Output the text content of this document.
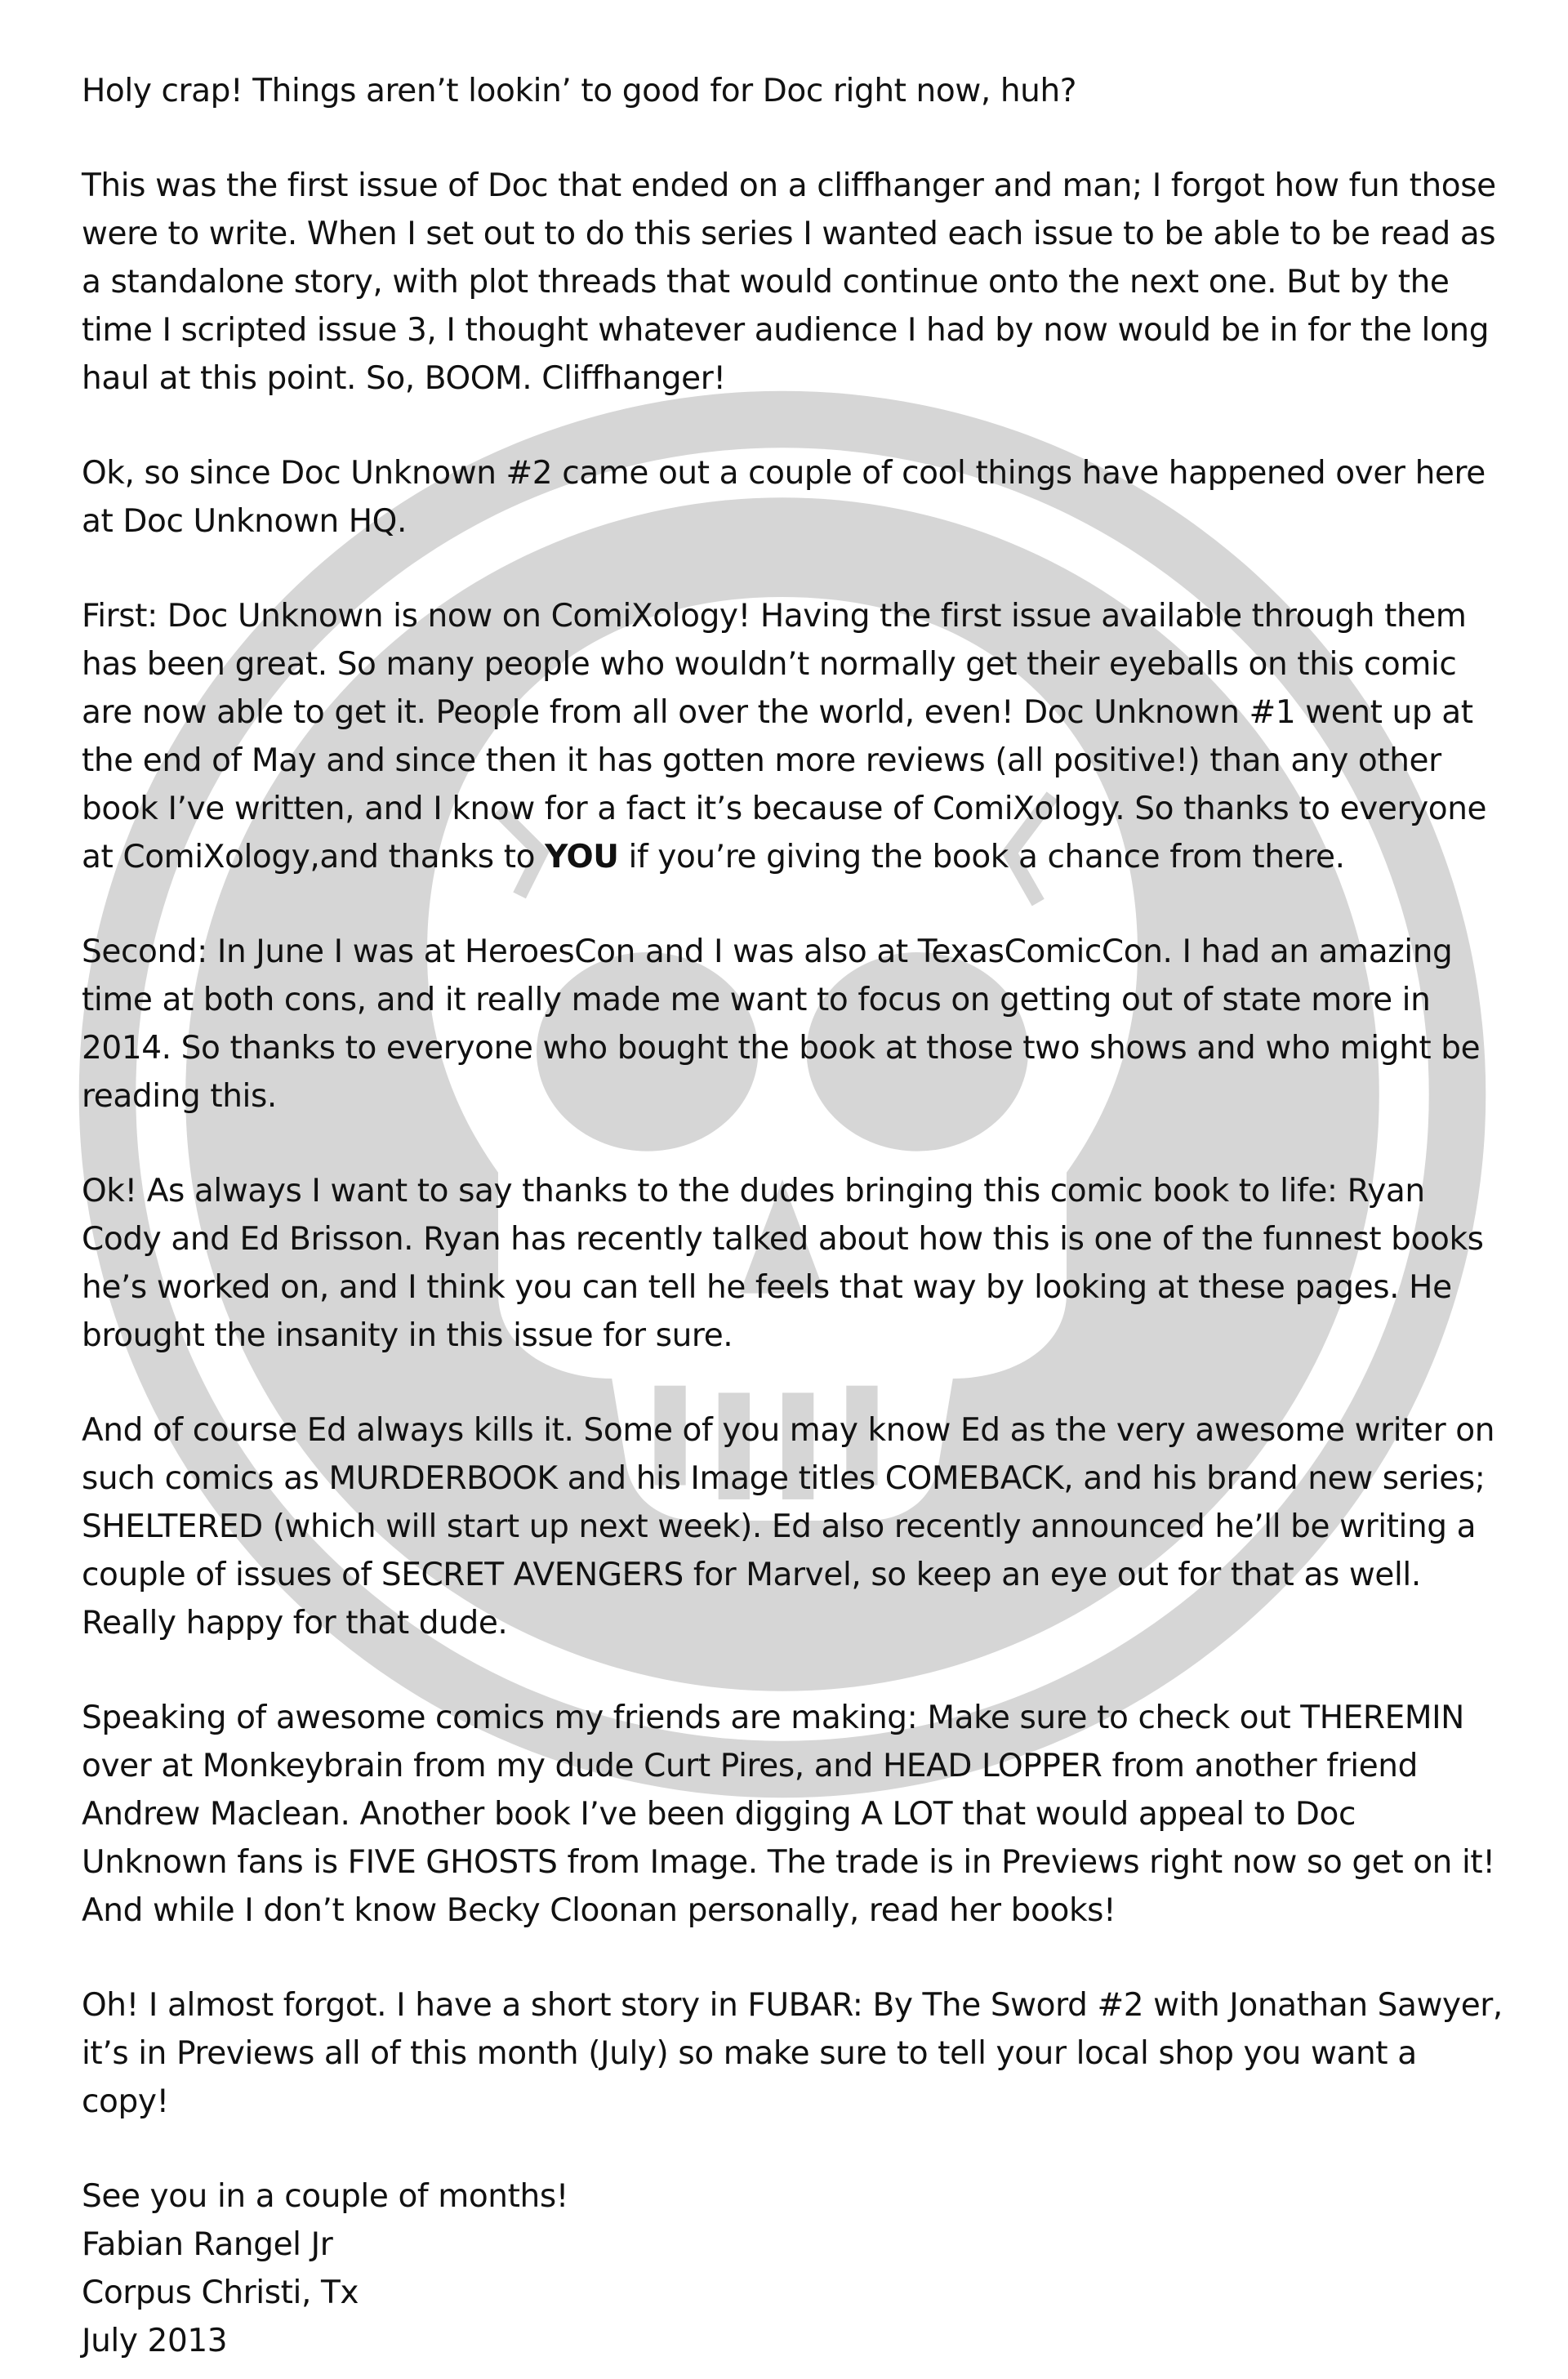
Holy crap! Things aren’t lookin’ to good for Doc right now, huh?

This was the first issue of Doc that ended on a cliffhanger and man; I forgot how fun those were to write. When I set out to do this series I wanted each issue to be able to be read as a standalone story, with plot threads that would continue onto the next one. But by the time I scripted issue 3, I thought whatever audience I had by now would be in for the long haul at this point. So, BOOM. Cliffhanger!

Ok, so since Doc Unknown #2 came out a couple of cool things have happened over here at Doc Unknown HQ.

First: Doc Unknown is now on ComiXology! Having the first issue available through them has been great. So many people who wouldn’t normally get their eyeballs on this comic are now able to get it. People from all over the world, even! Doc Unknown #1 went up at the end of May and since then it has gotten more reviews (all positive!) than any other book I’ve written, and I know for a fact it’s because of ComiXology. So thanks to everyone at ComiXology,and thanks to YOU if you’re giving the book a chance from there.

Second: In June I was at HeroesCon and I was also at TexasComicCon. I had an amazing time at both cons, and it really made me want to focus on getting out of state more in 2014. So thanks to everyone who bought the book at those two shows and who might be reading this.

Ok! As always I want to say thanks to the dudes bringing this comic book to life: Ryan Cody and Ed Brisson. Ryan has recently talked about how this is one of the funnest books he’s worked on, and I think you can tell he feels that way by looking at these pages. He brought the insanity in this issue for sure.

And of course Ed always kills it. Some of you may know Ed as the very awesome writer on such comics as MURDERBOOK and his Image titles COMEBACK, and his brand new series; SHELTERED (which will start up next week). Ed also recently announced he’ll be writing a couple of issues of SECRET AVENGERS for Marvel, so keep an eye out for that as well. Really happy for that dude.

Speaking of awesome comics my friends are making: Make sure to check out THEREMIN over at Monkeybrain from my dude Curt Pires, and HEAD LOPPER from another friend Andrew Maclean. Another book I’ve been digging A LOT that would appeal to Doc Unknown fans is FIVE GHOSTS from Image. The trade is in Previews right now so get on it! And while I don’t know Becky Cloonan personally, read her books!

Oh! I almost forgot. I have a short story in FUBAR: By The Sword #2 with Jonathan Sawyer, it’s in Previews all of this month (July) so make sure to tell your local shop you want a copy!

See you in a couple of months!

Fabian Rangel Jr

Corpus Christi, Tx

July 2013
